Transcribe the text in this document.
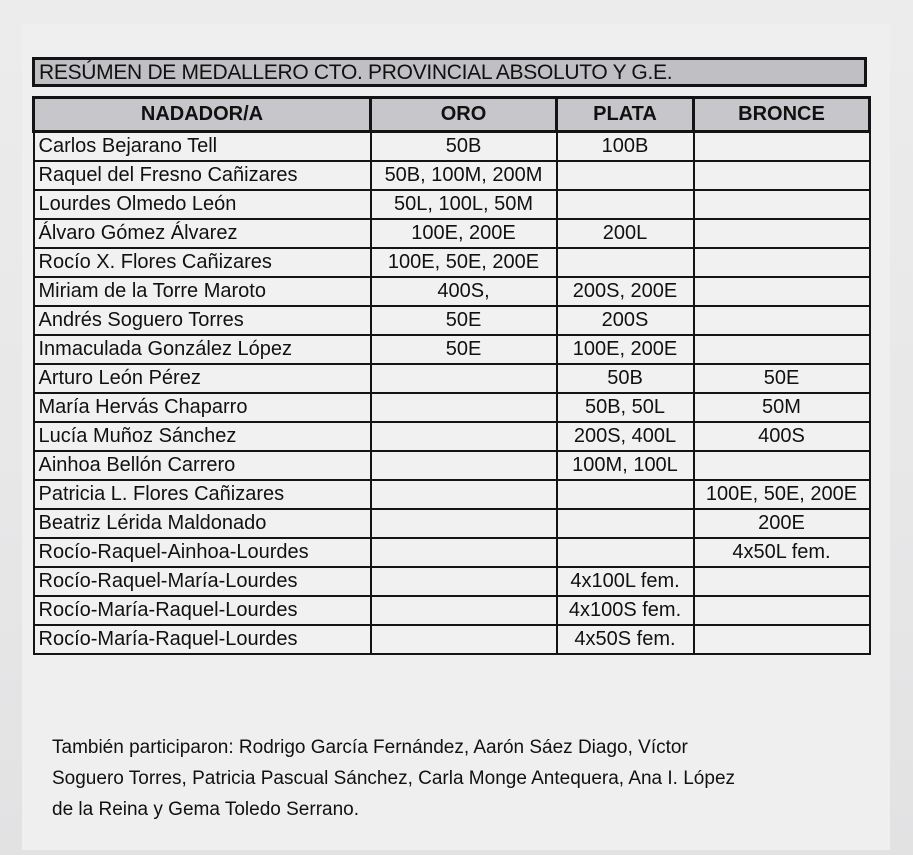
RESÚMEN DE MEDALLERO CTO. PROVINCIAL ABSOLUTO Y G.E.
NADADOR/A	ORO	PLATA	BRONCE
Carlos Bejarano Tell	50B	100B	
Raquel del Fresno Cañizares	50B, 100M, 200M		
Lourdes Olmedo León	50L, 100L, 50M		
Álvaro Gómez Álvarez	100E, 200E	200L	
Rocío X. Flores Cañizares	100E, 50E, 200E		
Miriam de la Torre Maroto	400S,	200S, 200E	
Andrés Soguero Torres	50E	200S	
Inmaculada González López	50E	100E, 200E	
Arturo León Pérez		50B	50E
María Hervás Chaparro		50B, 50L	50M
Lucía Muñoz Sánchez		200S, 400L	400S
Ainhoa Bellón Carrero		100M, 100L	
Patricia L. Flores Cañizares			100E, 50E, 200E
Beatriz Lérida Maldonado			200E
Rocío-Raquel-Ainhoa-Lourdes			4x50L fem.
Rocío-Raquel-María-Lourdes		4x100L fem.	
Rocío-María-Raquel-Lourdes		4x100S fem.	
Rocío-María-Raquel-Lourdes		4x50S fem.	
También participaron: Rodrigo García Fernández, Aarón Sáez Diago, Víctor
Soguero Torres, Patricia Pascual Sánchez, Carla Monge Antequera, Ana I. López
de la Reina y Gema Toledo Serrano.
